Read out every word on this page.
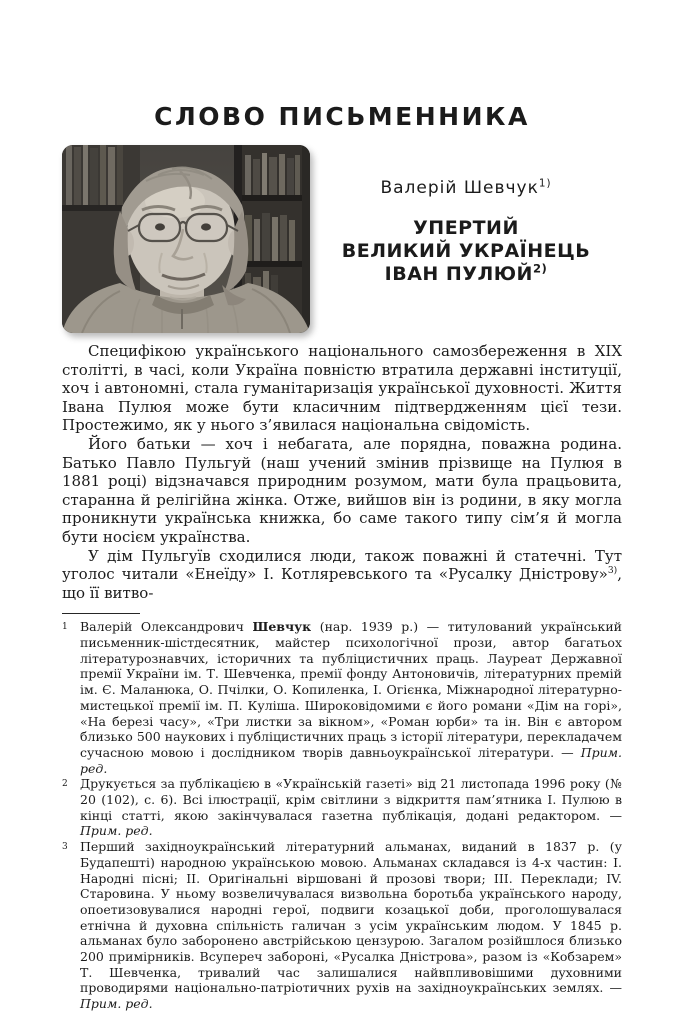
СЛОВО ПИСЬМЕННИКА
Валерій Шевчук$^{1)}$
УПЕРТИЙ
ВЕЛИКИЙ УКРАЇНЕЦЬ
ІВАН ПУЛЮЙ$^{2)}$

Специфікою українського національного самозбереження в XIX столітті, в часі, коли Україна повністю втратила державні інституції, хоч і автономні, стала гуманітаризація української духовності. Життя Івана Пулюя може бути класичним підтвердженням цієї тези. Простежимо, як у нього з’явилася національна свідомість.

Його батьки — хоч і небагата, але порядна, поважна родина. Батько Павло Пульгуй (наш учений змінив прізвище на Пулюя в 1881 році) відзначався природним розумом, мати була працьовита, старанна й релігійна жінка. Отже, вийшов він із родини, в яку могла проникнути українська книжка, бо саме такого типу сім’я й могла бути носієм українства.

У дім Пульгуїв сходилися люди, також поважні й статечні. Тут уголос читали «Енеїду» І. Котляревського та «Русалку Дністрову»$^{3)}$, що її витво-

1 Валерій Олександрович Шевчук (нар. 1939 р.) — титулований український письменник-шістдесятник, майстер психологічної прози, автор багатьох літературознавчих, історичних та публіцистичних праць. Лауреат Державної премії України ім. Т. Шевченка, премії фонду Антоновичів, літературних премій ім. Є. Маланюка, О. Пчілки, О. Копиленка, І. Огієнка, Міжнародної літературно-мистецької премії ім. П. Куліша. Широковідомими є його романи «Дім на горі», «На березі часу», «Три листки за вікном», «Роман юрби» та ін. Він є автором близько 500 наукових і публіцистичних праць з історії літератури, перекладачем сучасною мовою і дослідником творів давньоукраїнської літератури. — Прим. ред.
2 Друкується за публікацією в «Українській газеті» від 21 листопада 1996 року (№ 20 (102), с. 6). Всі ілюстрації, крім світлини з відкриття пам’ятника І. Пулюю в кінці статті, якою закінчувалася газетна публікація, додані редактором. — Прим. ред.
3 Перший західноукраїнський літературний альманах, виданий в 1837 р. (у Будапешті) народною українською мовою. Альманах складався із 4-х частин: I. Народні пісні; II. Оригінальні віршовані й прозові твори; III. Переклади; IV. Старовина. У ньому возвеличувалася визвольна боротьба українського народу, опоетизовувалися народні герої, подвиги козацької доби, проголошувалася етнічна й духовна спільність галичан з усім українським людом. У 1845 р. альманах було заборонено австрійською цензурою. Загалом розійшлося близько 200 примірників. Всупереч забороні, «Русалка Дністрова», разом із «Кобзарем» Т. Шевченка, тривалий час залишалися найвпливовішими духовними проводирями національно-патріотичних рухів на західноукраїнських землях. — Прим. ред.
